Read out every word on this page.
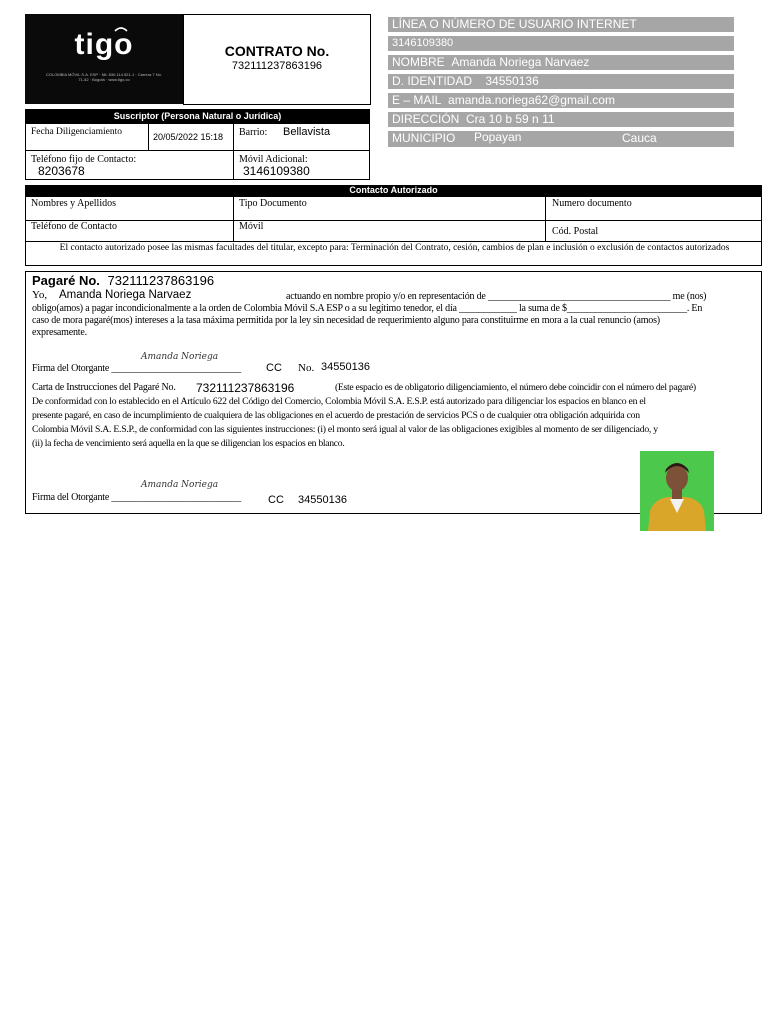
tigo
COLOMBIA MÓVIL S.A. ESP · Nit. 830.114.921-1 · Carrera 7 No. 71-52 · Bogotá · www.tigo.co
CONTRATO No.
732111237863196
LÍNEA O NÚMERO DE USUARIO INTERNET
3146109380
NOMBRE Amanda Noriega Narvaez
D. IDENTIDAD 34550136
E – MAIL amanda.noriega62@gmail.com
DIRECCIÓN Cra 10 b 59 n 11
MUNICIPIO Popayan	Cauca
Suscriptor (Persona Natural o Jurídica)
Fecha Diligenciamiento	20/05/2022 15:18 Barrio: Bellavista
Teléfono fijo de Contacto:
8203678
Móvil Adicional:
3146109380
Contacto Autorizado
Nombres y Apellidos	Tipo Documento	Numero documento
Teléfono de Contacto	Móvil	Cód. Postal
El contacto autorizado posee las mismas facultades del titular, excepto para: Terminación del Contrato, cesión, cambios de plan e inclusión o exclusión de contactos autorizados
Pagaré No. 732111237863196
Yo, Amanda Noriega Narvaez	actuando en nombre propio y/o en representación de ______________________________________ me (nos)
obligo(amos) a pagar incondicionalmente a la orden de Colombia Móvil S.A ESP o a su legítimo tenedor, el día ____________ la suma de $_________________________. En
caso de mora pagaré(mos) intereses a la tasa máxima permitida por la ley sin necesidad de requerimiento alguno para constituirme en mora a la cual renuncio (amos)
expresamente.
Amanda Noriega
Firma del Otorgante ___________________________ CC No. 34550136
Carta de Instrucciones del Pagaré No. 732111237863196	(Este espacio es de obligatorio diligenciamiento, el número debe coincidir con el número del pagaré)
De conformidad con lo establecido en el Artículo 622 del Código del Comercio, Colombia Móvil S.A. E.S.P. está autorizado para diligenciar los espacios en blanco en el
presente pagaré, en caso de incumplimiento de cualquiera de las obligaciones en el acuerdo de prestación de servicios PCS o de cualquier otra obligación adquirida con
Colombia Móvil S.A. E.S.P., de conformidad con las siguientes instrucciones: (i) el monto será igual al valor de las obligaciones exigibles al momento de ser diligenciado, y
(ii) la fecha de vencimiento será aquella en la que se diligencian los espacios en blanco.
Amanda Noriega
Firma del Otorgante ___________________________ CC 34550136
